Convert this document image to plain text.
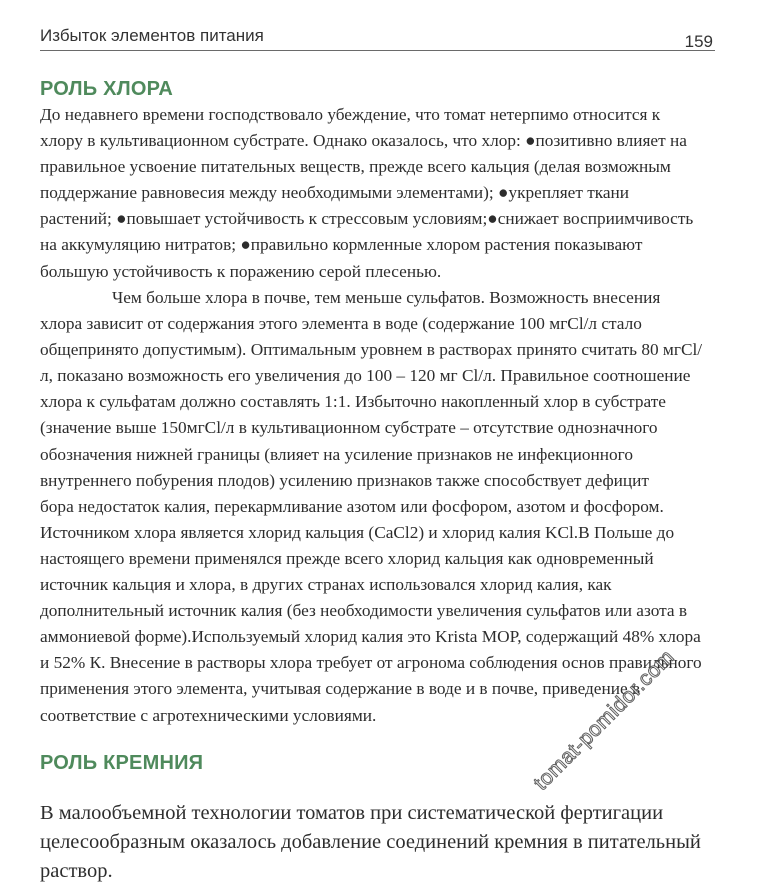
Избыток элементов питания	159
РОЛЬ ХЛОРА
До недавнего времени господствовало убеждение, что томат нетерпимо относится к
хлору в культивационном субстрате. Однако оказалось, что хлор: ●позитивно влияет на
правильное усвоение питательных веществ, прежде всего кальция (делая возможным
поддержание равновесия между необходимыми элементами); ●укрепляет ткани
растений; ●повышает устойчивость к стрессовым условиям;●снижает восприимчивость
на аккумуляцию нитратов; ●правильно кормленные хлором растения показывают
большую устойчивость к поражению серой плесенью.
Чем больше хлора в почве, тем меньше сульфатов. Возможность внесения
хлора зависит от содержания этого элемента в воде (содержание 100 мгCl/л стало
общепринято допустимым). Оптимальным уровнем в растворах принято считать 80 мгCl/
л, показано возможность его увеличения до 100 – 120 мг Cl/л. Правильное соотношение
хлора к сульфатам должно составлять 1:1. Избыточно накопленный хлор в субстрате
(значение выше 150мгCl/л в культивационном субстрате – отсутствие однозначного
обозначения нижней границы (влияет на усиление признаков не инфекционного
внутреннего побурения плодов) усилению признаков также способствует дефицит
бора недостаток калия, перекармливание азотом или фосфором, азотом и фосфором.
Источником хлора является хлорид кальция (CaCl2) и хлорид калия KCl.В Польше до
настоящего времени применялся прежде всего хлорид кальция как одновременный
источник кальция и хлора, в других странах использовался хлорид калия, как
дополнительный источник калия (без необходимости увеличения сульфатов или азота в
аммониевой форме).Используемый хлорид калия это Krista MOP, содержащий 48% хлора
и 52% К. Внесение в растворы хлора требует от агронома соблюдения основ правильного
применения этого элемента, учитывая содержание в воде и в почве, приведение в
соответствие с агротехническими условиями.
РОЛЬ КРЕМНИЯ
В малообъемной технологии томатов при систематической фертигации
целесообразным оказалось добавление соединений кремния в питательный
раствор.
tomat-pomidor.com
